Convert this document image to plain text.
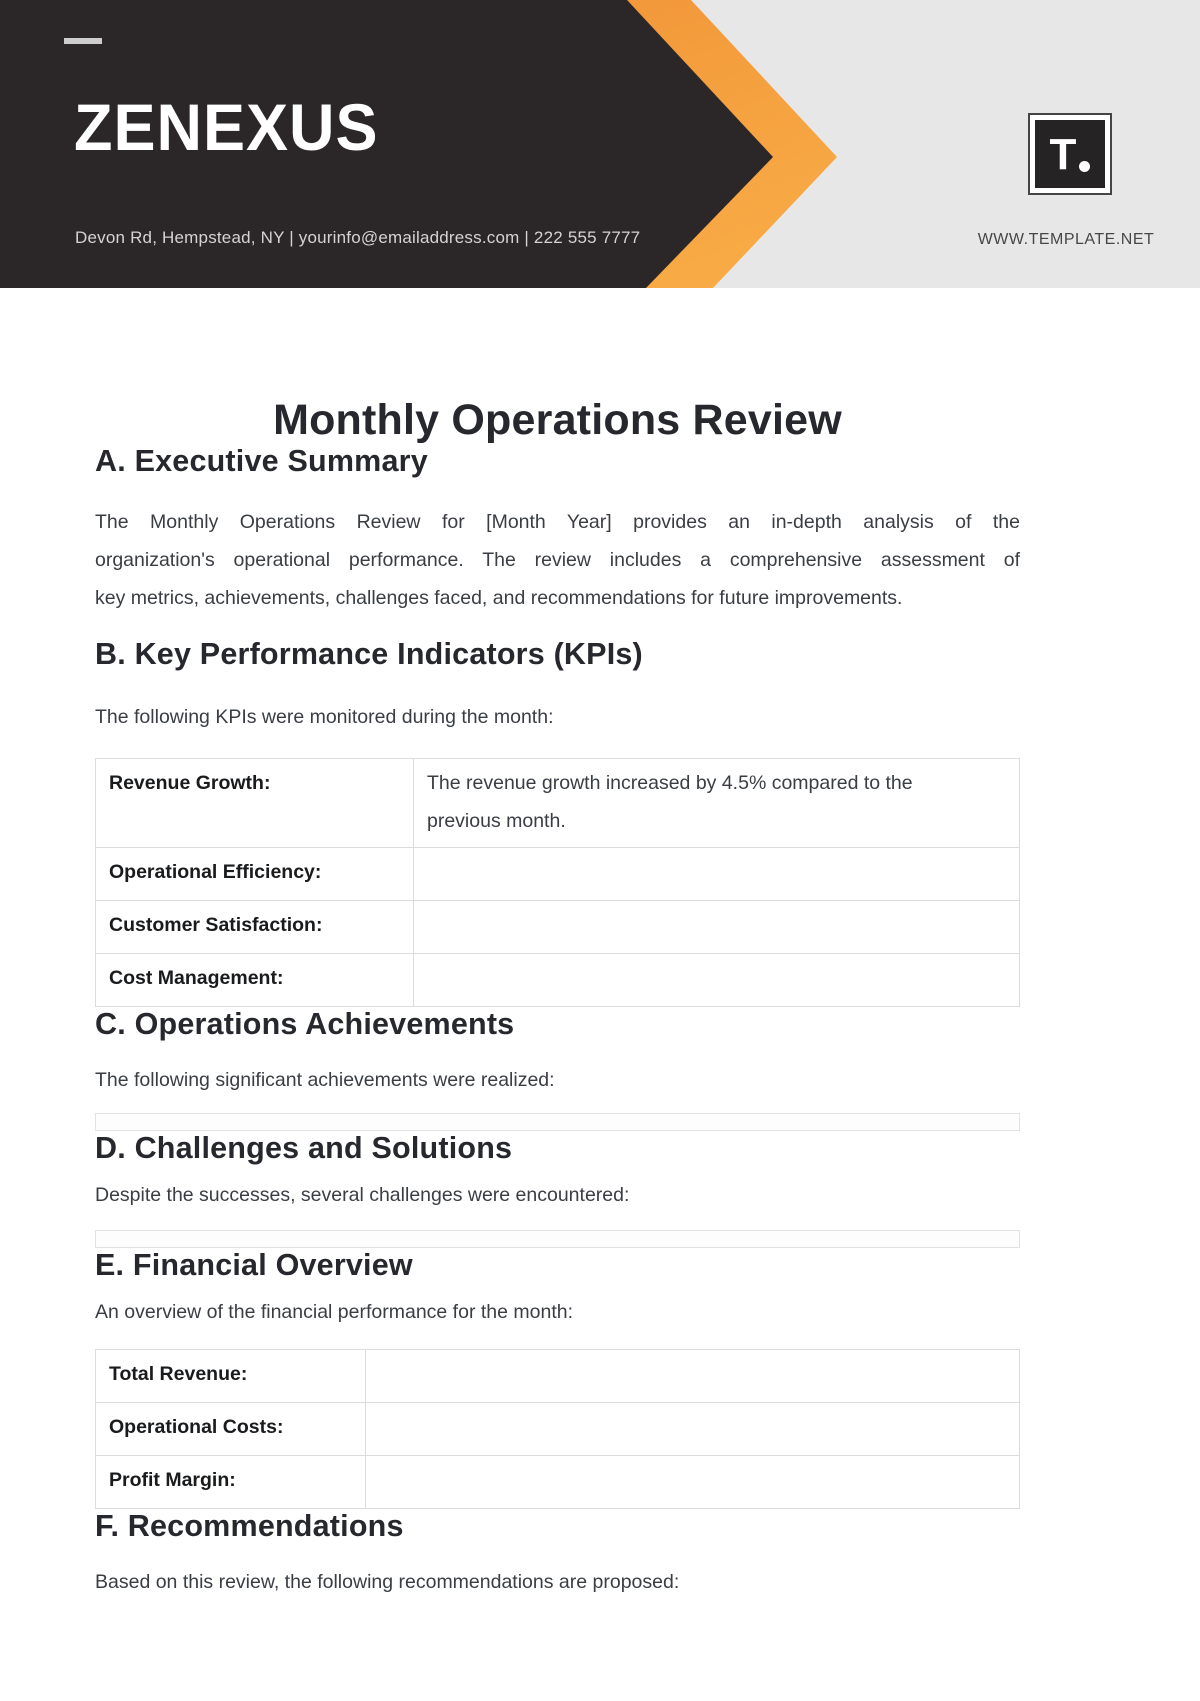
ZENEXUS
Devon Rd, Hempstead, NY | yourinfo@emailaddress.com | 222 555 7777
T
WWW.TEMPLATE.NET
Monthly Operations Review
A. Executive Summary

The Monthly Operations Review for [Month Year] provides an in-depth analysis of the
organization's operational performance. The review includes a comprehensive assessment of
key metrics, achievements, challenges faced, and recommendations for future improvements.

B. Key Performance Indicators (KPIs)

The following KPIs were monitored during the month:

Revenue Growth:	The revenue growth increased by 4.5% compared to the previous month.

Operational Efficiency:	
Customer Satisfaction:	
Cost Management:	
C. Operations Achievements

The following significant achievements were realized:

D. Challenges and Solutions

Despite the successes, several challenges were encountered:

E. Financial Overview

An overview of the financial performance for the month:

Total Revenue:	
Operational Costs:	
Profit Margin:	
F. Recommendations

Based on this review, the following recommendations are proposed:
